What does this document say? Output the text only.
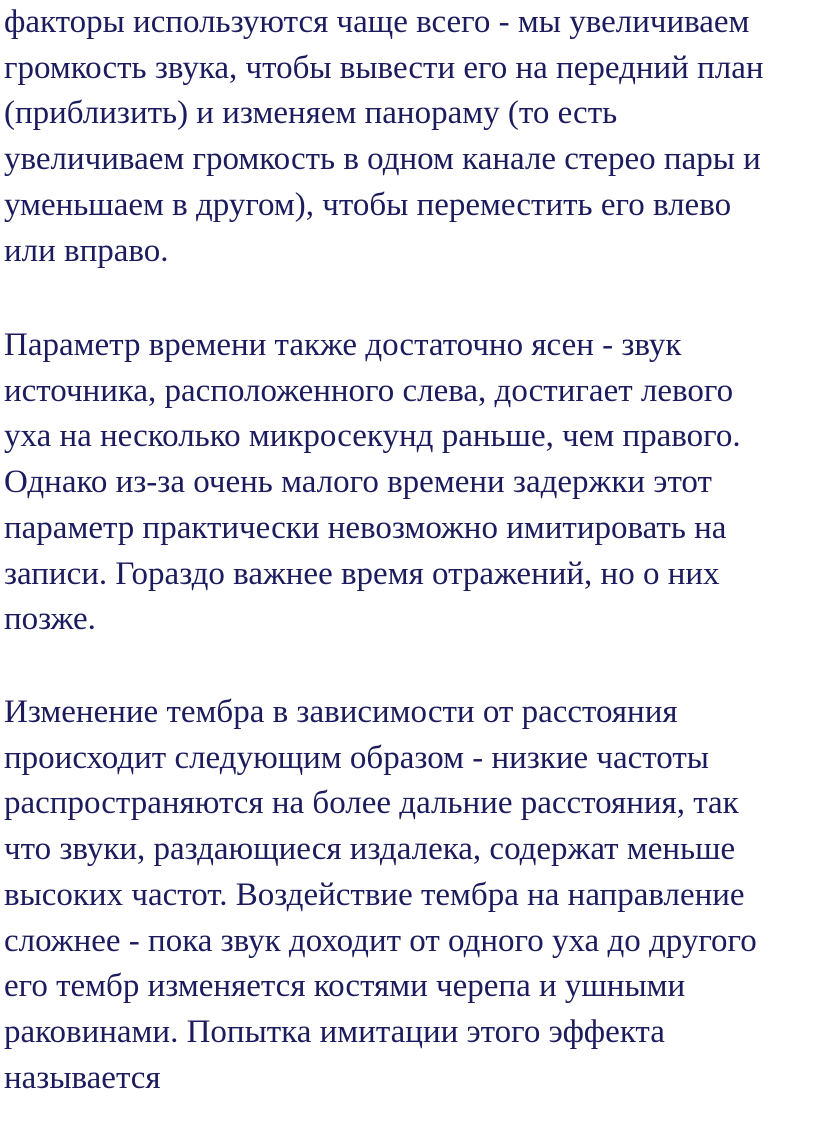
факторы используются чаще всего - мы увеличиваем
громкость звука, чтобы вывести его на передний план
(приблизить) и изменяем панораму (то есть
увеличиваем громкость в одном канале стерео пары и
уменьшаем в другом), чтобы переместить его влево
или вправо.

Параметр времени также достаточно ясен - звук
источника, расположенного слева, достигает левого
уха на несколько микросекунд раньше, чем правого.
Однако из-за очень малого времени задержки этот
параметр практически невозможно имитировать на
записи. Гораздо важнее время отражений, но о них
позже.

Изменение тембра в зависимости от расстояния
происходит следующим образом - низкие частоты
распространяются на более дальние расстояния, так
что звуки, раздающиеся издалека, содержат меньше
высоких частот. Воздействие тембра на направление
сложнее - пока звук доходит от одного уха до другого
его тембр изменяется костями черепа и ушными
раковинами. Попытка имитации этого эффекта
называется
